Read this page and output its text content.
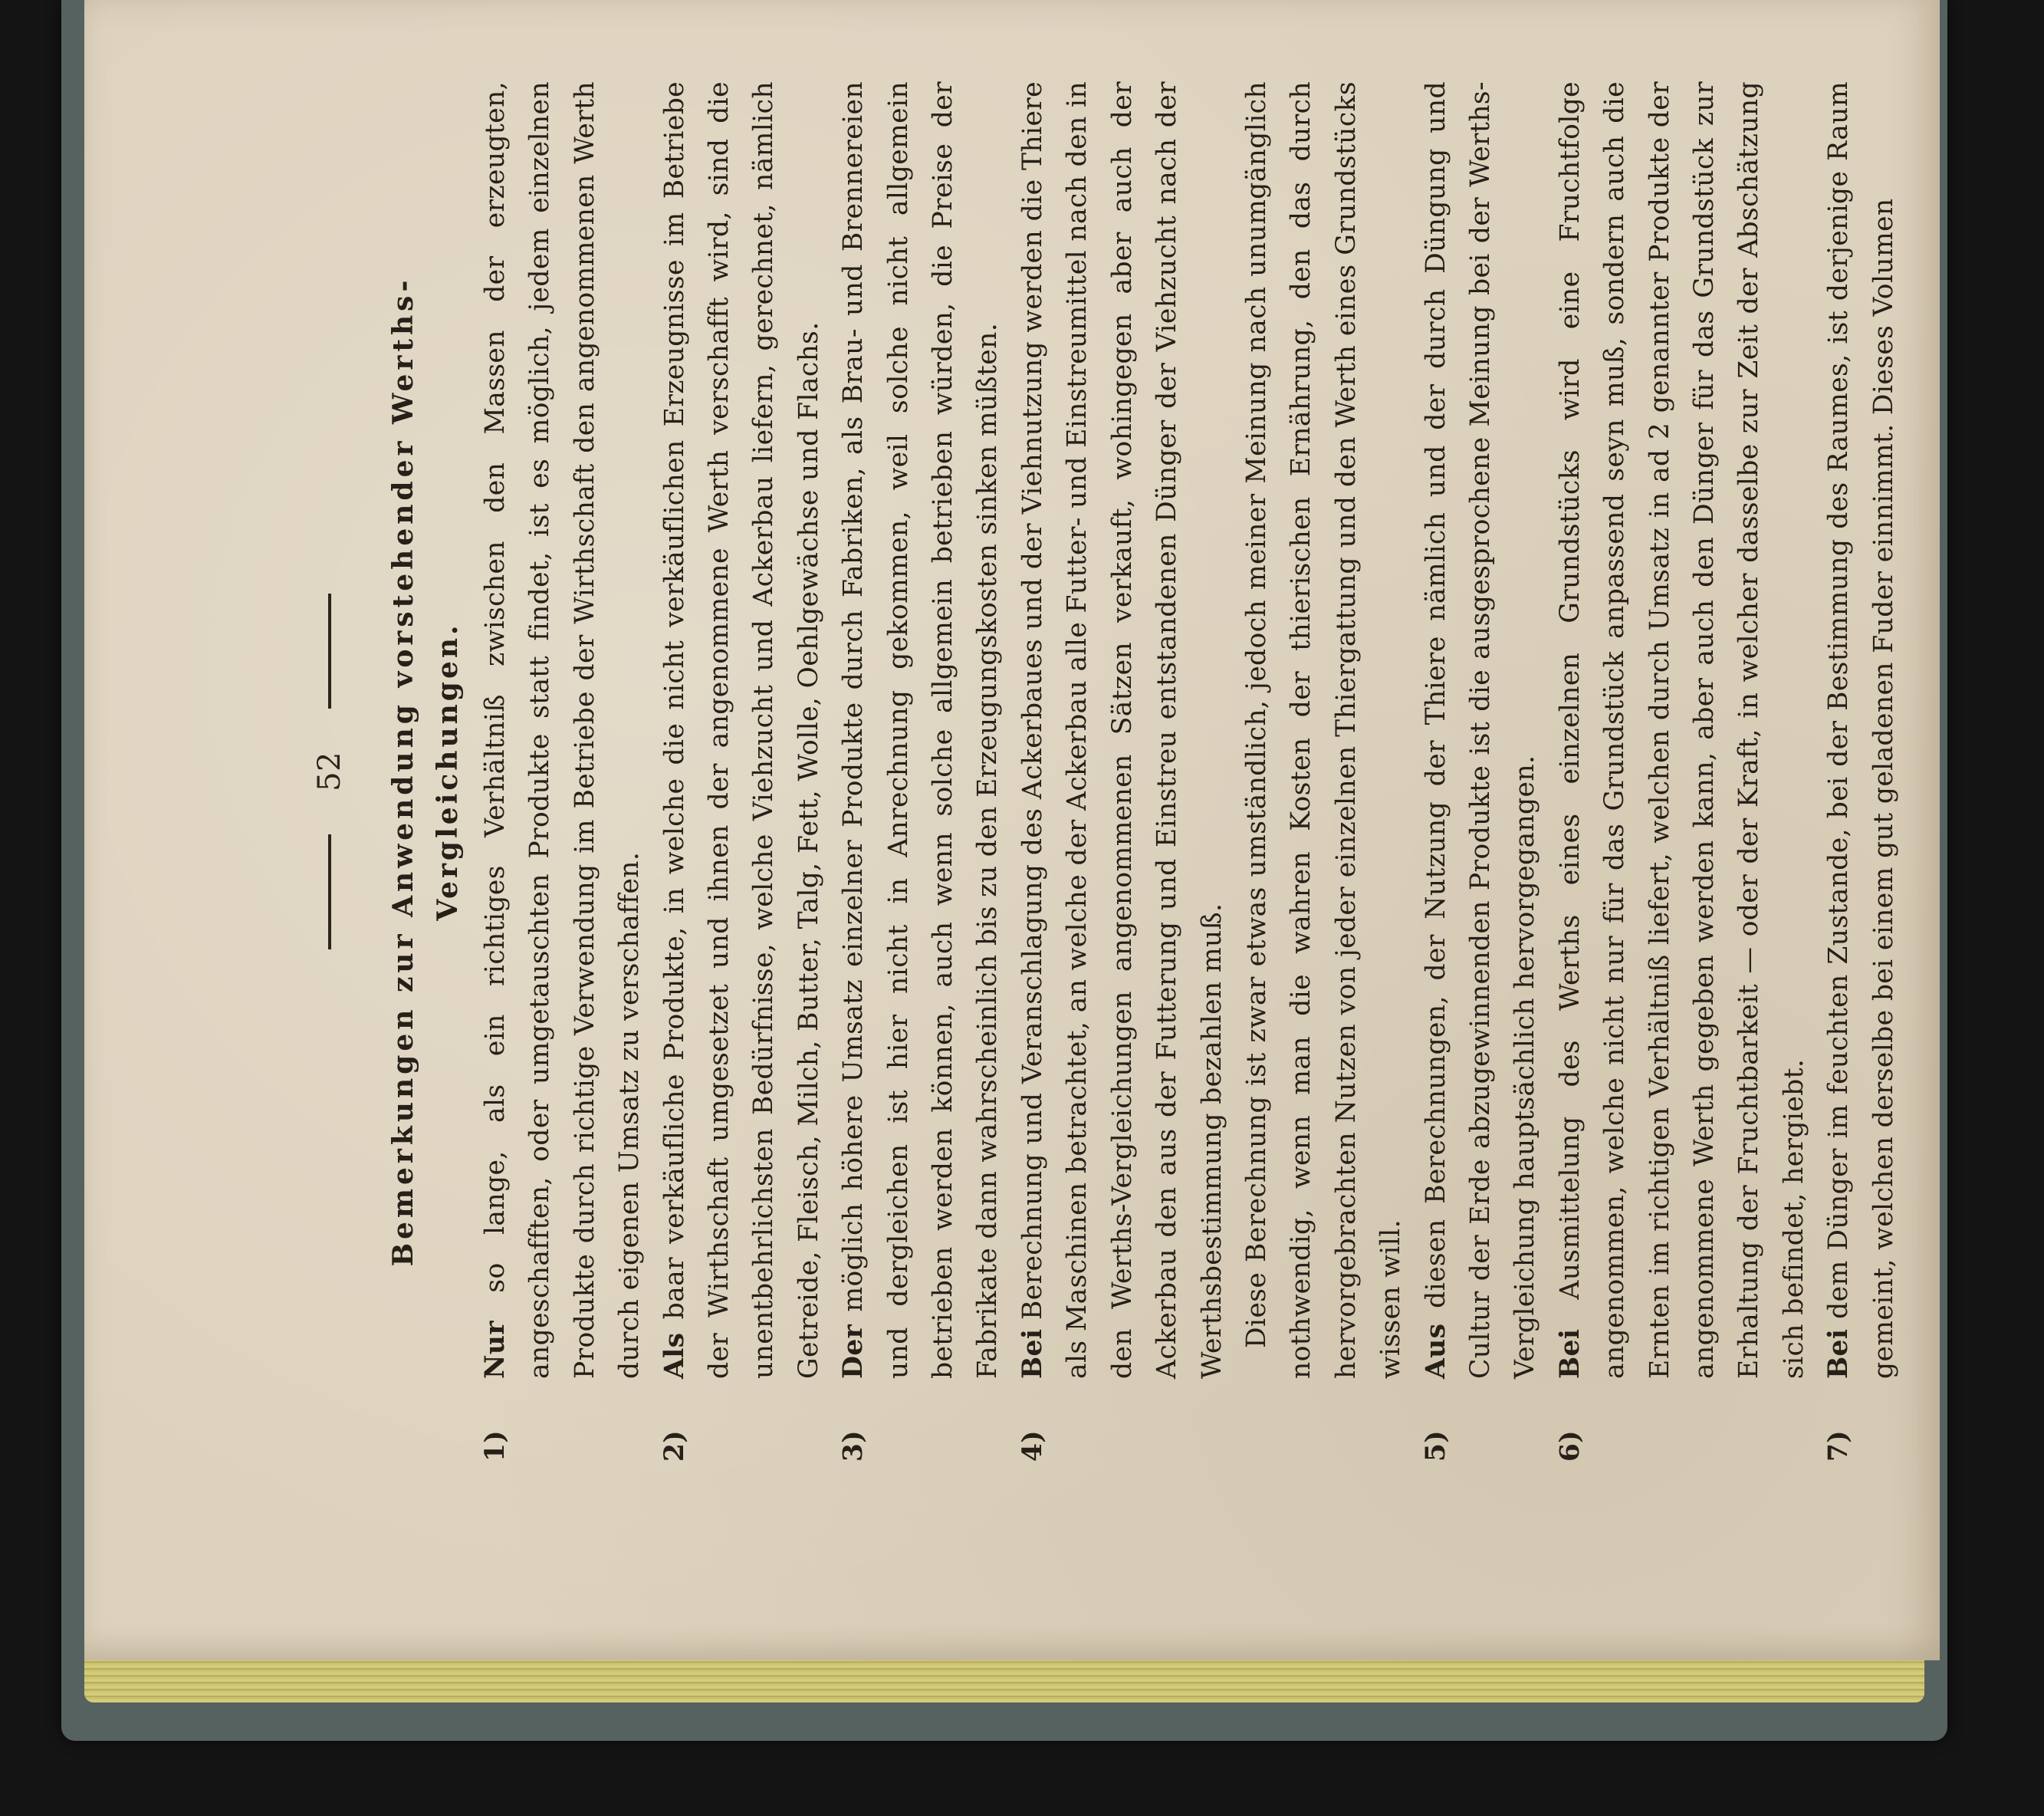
52 Bemerkungen zur Anwendung vorstehender Werths- Vergleichungen.
1)

Nur so lange, als ein richtiges Verhältniß zwischen den Massen der erzeugten, angeschafften, oder umgetauschten Produkte statt findet, ist es möglich, jedem einzelnen Produkte durch richtige Verwendung im Betriebe der Wirthschaft den angenommenen Werth durch eigenen Umsatz zu verschaffen.

2)

Als baar verkäufliche Produkte, in welche die nicht verkäuflichen Erzeugnisse im Betriebe der Wirthschaft umgesetzet und ihnen der angenommene Werth verschafft wird, sind die unentbehrlichsten Bedürfnisse, welche Viehzucht und Ackerbau liefern, gerechnet, nämlich Getreide, Fleisch, Milch, Butter, Talg, Fett, Wolle, Oehlgewächse und Flachs.

3)

Der möglich höhere Umsatz einzelner Produkte durch Fabriken, als Brau- und Brennereien und dergleichen ist hier nicht in Anrechnung gekommen, weil solche nicht allgemein betrieben werden können, auch wenn solche allgemein betrieben würden, die Preise der Fabrikate dann wahrscheinlich bis zu den Erzeugungskosten sinken müßten.

4)

Bei Berechnung und Veranschlagung des Ackerbaues und der Viehnutzung werden die Thiere als Maschinen betrachtet, an welche der Ackerbau alle Futter- und Einstreumittel nach den in den Werths-Vergleichungen angenommenen Sätzen verkauft, wohingegen aber auch der Ackerbau den aus der Futterung und Einstreu entstandenen Dünger der Viehzucht nach der Werthsbestimmung bezahlen muß. Diese Berechnung ist zwar etwas umständlich, jedoch meiner Meinung nach unumgänglich nothwendig, wenn man die wahren Kosten der thierischen Ernährung, den das durch hervorgebrachten Nutzen von jeder einzelnen Thiergattung und den Werth eines Grundstücks wissen will.

5)

Aus diesen Berechnungen, der Nutzung der Thiere nämlich und der durch Düngung und Cultur der Erde abzugewinnenden Produkte ist die ausgesprochene Meinung bei der Werths-Vergleichung hauptsächlich hervorgegangen.

6)

Bei Ausmittelung des Werths eines einzelnen Grundstücks wird eine Fruchtfolge angenommen, welche nicht nur für das Grundstück anpassend seyn muß, sondern auch die Ernten im richtigen Verhältniß liefert, welchen durch Umsatz in ad 2 genannter Produkte der angenommene Werth gegeben werden kann, aber auch den Dünger für das Grundstück zur Erhaltung der Fruchtbarkeit — oder der Kraft, in welcher dasselbe zur Zeit der Abschätzung sich befindet, hergiebt.

7)

Bei dem Dünger im feuchten Zustande, bei der Bestimmung des Raumes, ist derjenige Raum gemeint, welchen derselbe bei einem gut geladenen Fuder einnimmt. Dieses Volumen
